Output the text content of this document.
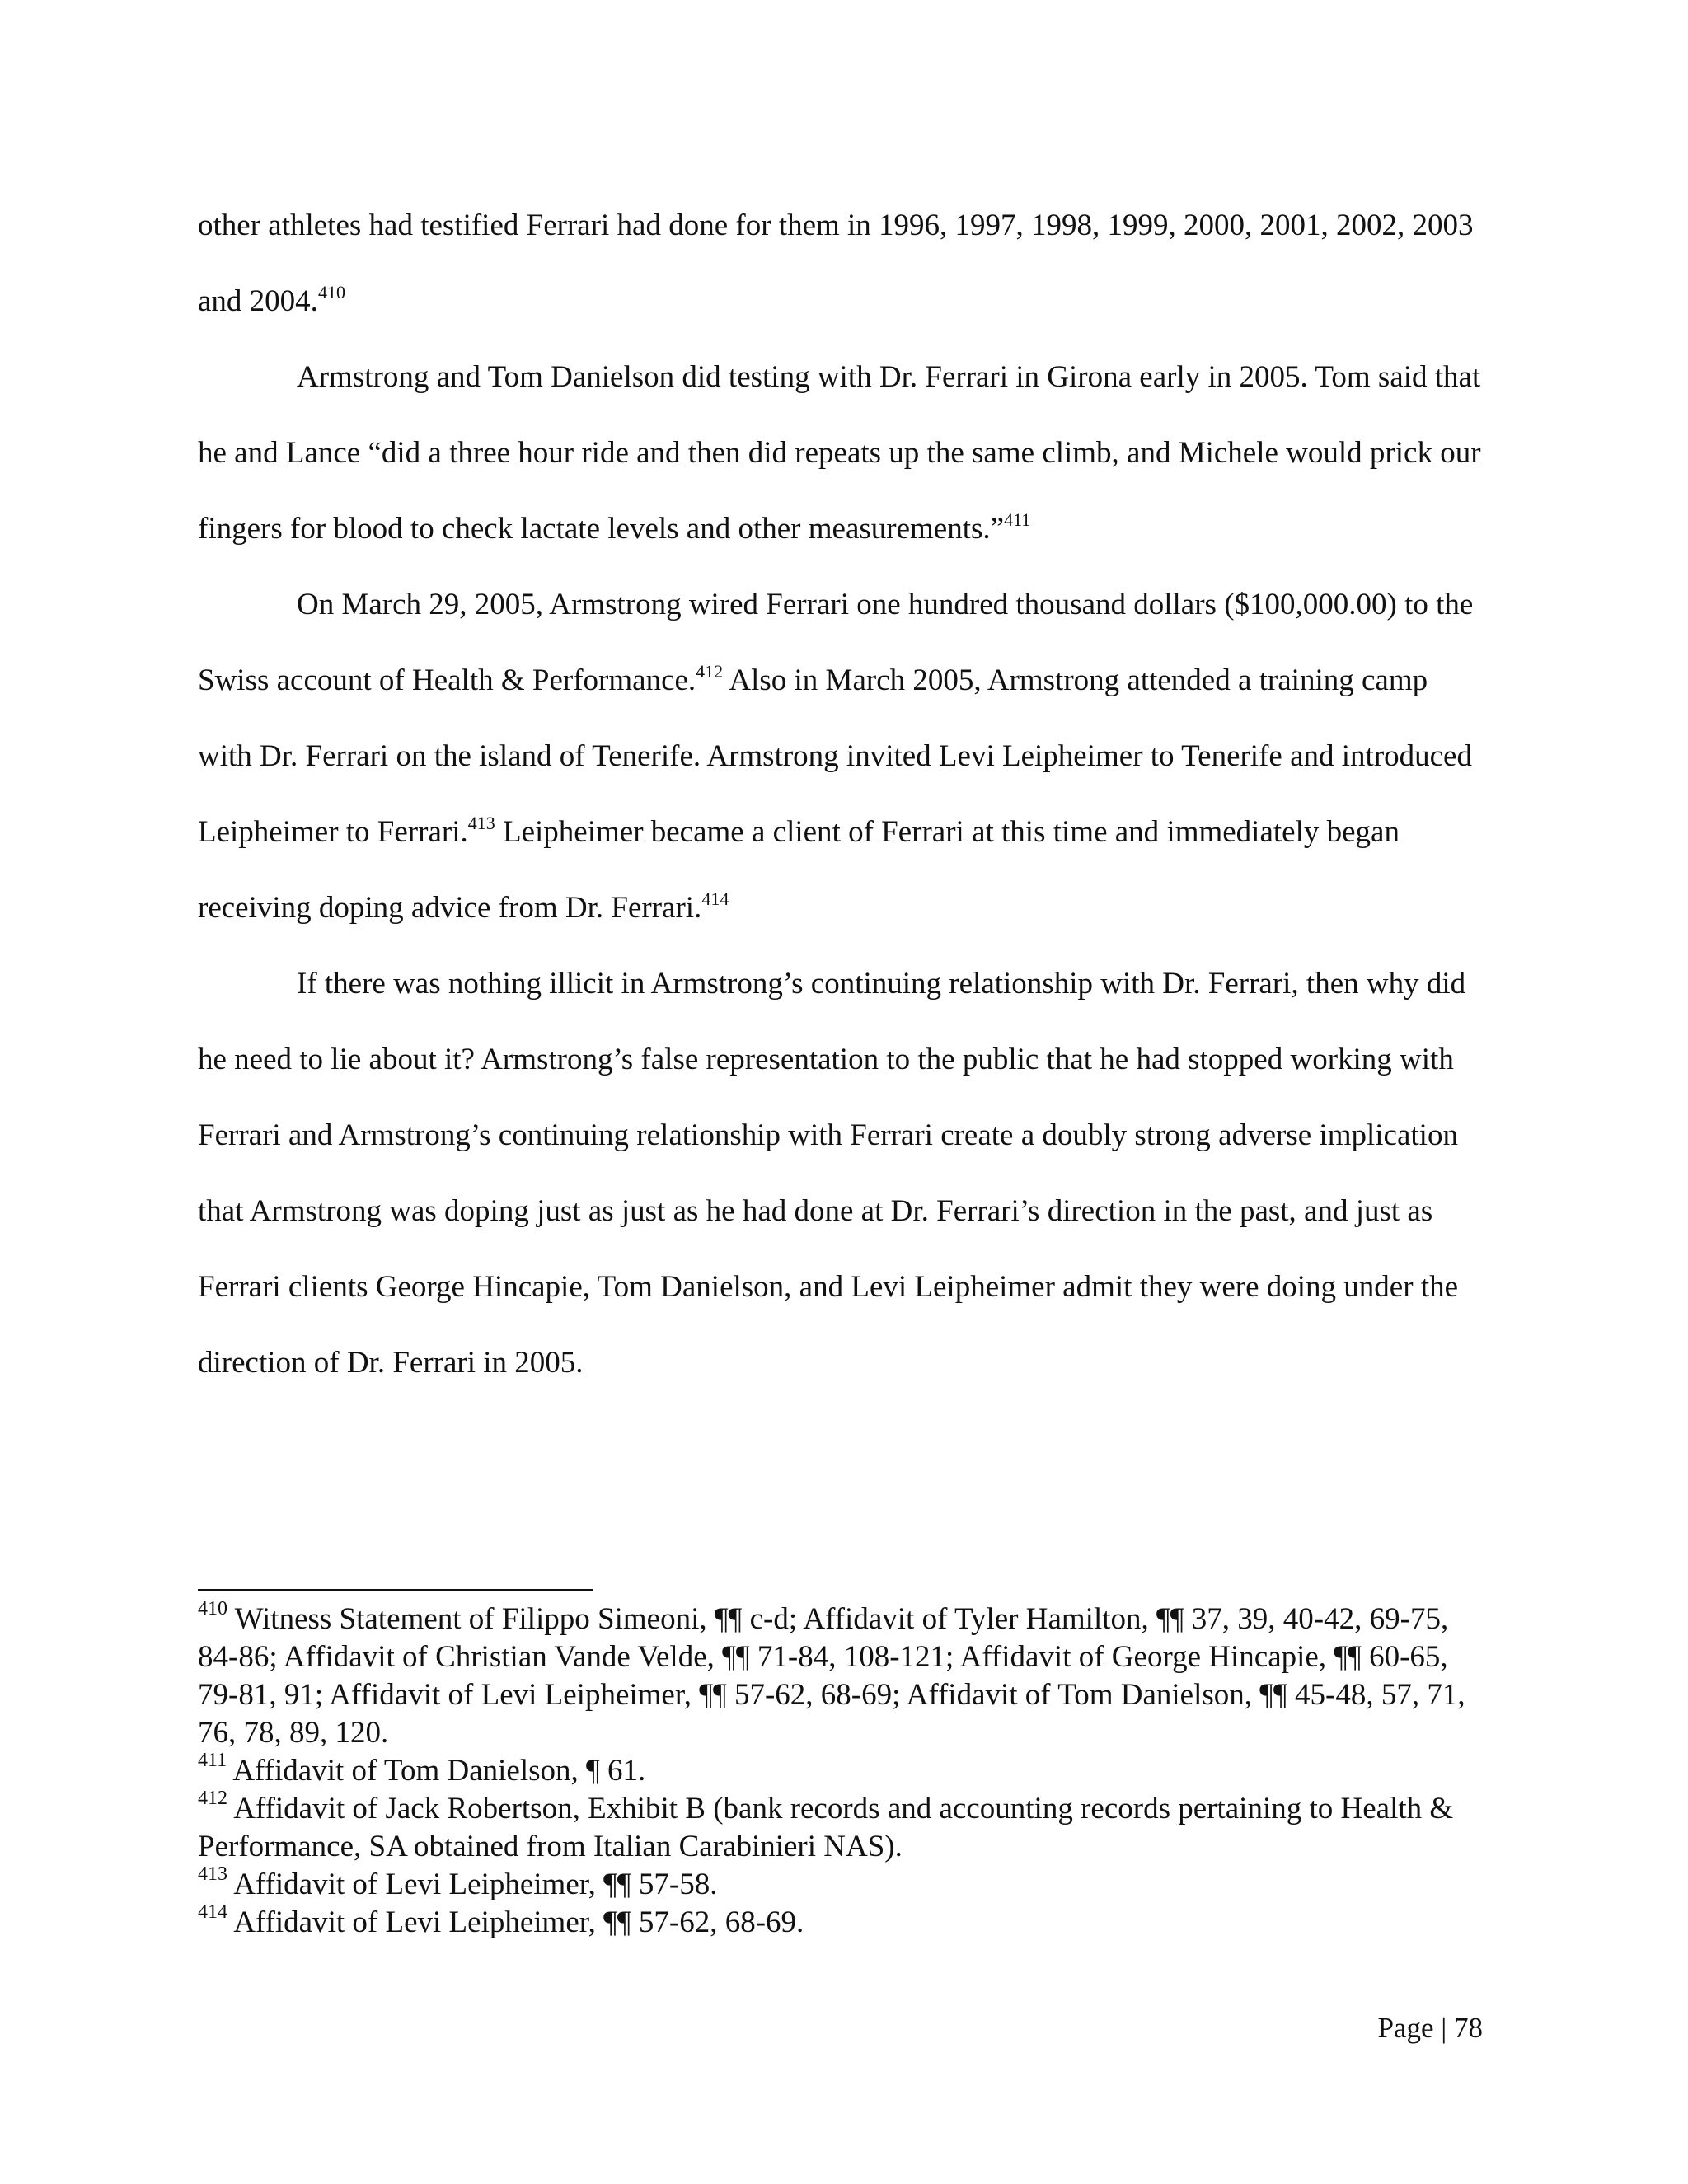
other athletes had testified Ferrari had done for them in 1996, 1997, 1998, 1999, 2000, 2001, 2002, 2003 and 2004.$^{410}$

Armstrong and Tom Danielson did testing with Dr. Ferrari in Girona early in 2005. Tom said that he and Lance “did a three hour ride and then did repeats up the same climb, and Michele would prick our fingers for blood to check lactate levels and other measurements.”$^{411}$

On March 29, 2005, Armstrong wired Ferrari one hundred thousand dollars ($100,000.00) to the Swiss account of Health & Performance.$^{412}$ Also in March 2005, Armstrong attended a training camp with Dr. Ferrari on the island of Tenerife. Armstrong invited Levi Leipheimer to Tenerife and introduced Leipheimer to Ferrari.$^{413}$ Leipheimer became a client of Ferrari at this time and immediately began receiving doping advice from Dr. Ferrari.$^{414}$

If there was nothing illicit in Armstrong’s continuing relationship with Dr. Ferrari, then why did he need to lie about it? Armstrong’s false representation to the public that he had stopped working with Ferrari and Armstrong’s continuing relationship with Ferrari create a doubly strong adverse implication that Armstrong was doping just as just as he had done at Dr. Ferrari’s direction in the past, and just as Ferrari clients George Hincapie, Tom Danielson, and Levi Leipheimer admit they were doing under the direction of Dr. Ferrari in 2005.

$^{410}$ Witness Statement of Filippo Simeoni, ¶¶ c-d; Affidavit of Tyler Hamilton, ¶¶ 37, 39, 40-42, 69-75, 84-86; Affidavit of Christian Vande Velde, ¶¶ 71-84, 108-121; Affidavit of George Hincapie, ¶¶ 60-65, 79-81, 91; Affidavit of Levi Leipheimer, ¶¶ 57-62, 68-69; Affidavit of Tom Danielson, ¶¶ 45-48, 57, 71, 76, 78, 89, 120.

$^{411}$ Affidavit of Tom Danielson, ¶ 61.

$^{412}$ Affidavit of Jack Robertson, Exhibit B (bank records and accounting records pertaining to Health & Performance, SA obtained from Italian Carabinieri NAS).

$^{413}$ Affidavit of Levi Leipheimer, ¶¶ 57-58.

$^{414}$ Affidavit of Levi Leipheimer, ¶¶ 57-62, 68-69.

Page | 78
